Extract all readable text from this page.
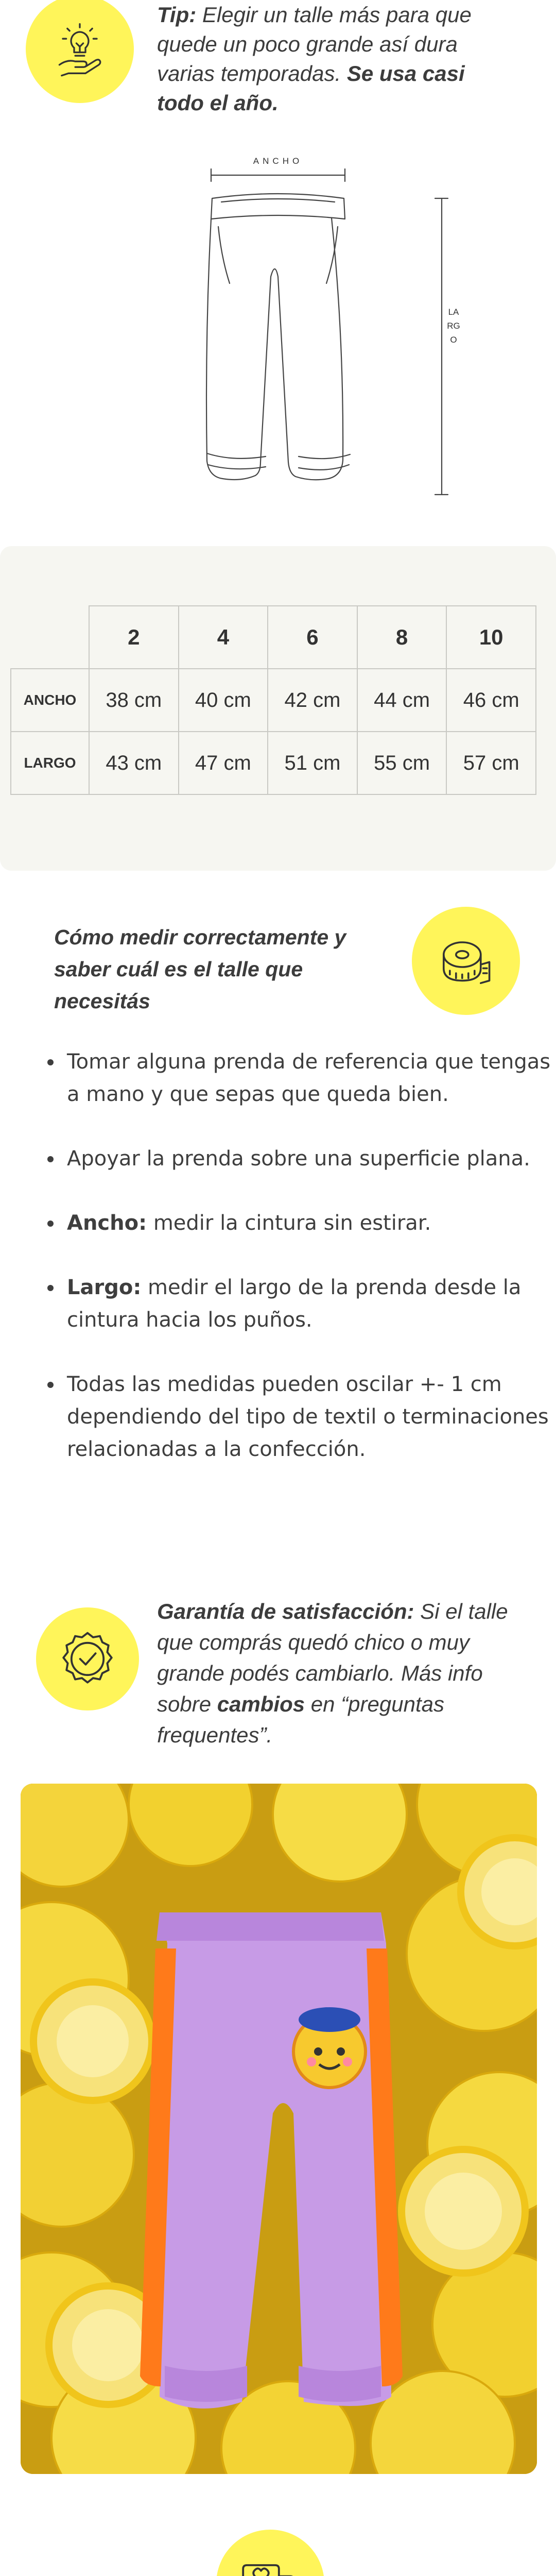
Tip: Elegir un talle más para que quede un poco grande así dura varias temporadas. Se usa casi todo el año.
ANCHO
LARGO
	2	4	6	8	10
ANCHO	38 cm	40 cm	42 cm	44 cm	46 cm
LARGO	43 cm	47 cm	51 cm	55 cm	57 cm
Cómo medir correctamente y saber cuál es el talle que necesitás
Tomar alguna prenda de referencia que tengas a mano y que sepas que queda bien.
Apoyar la prenda sobre una superficie plana.
Ancho: medir la cintura sin estirar.
Largo: medir el largo de la prenda desde la cintura hacia los puños.
Todas las medidas pueden oscilar +- 1 cm dependiendo del tipo de textil o terminaciones relacionadas a la confección.
Garantía de satisfacción: Si el talle que comprás quedó chico o muy grande podés cambiarlo. Más info sobre cambios en “preguntas frequentes”.
